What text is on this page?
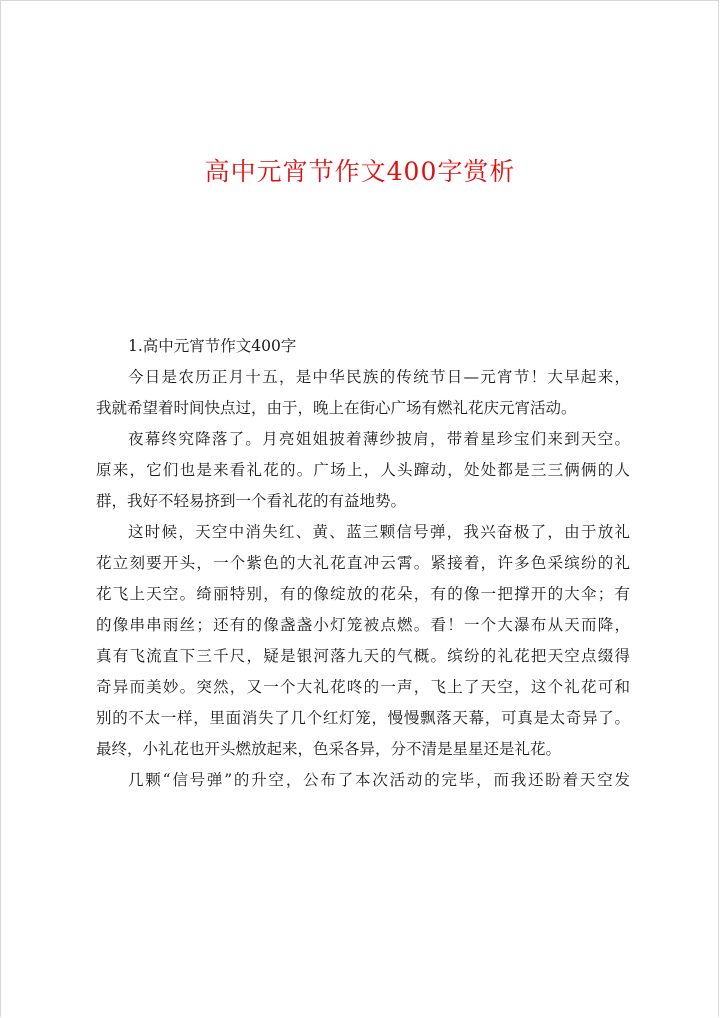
高中元宵节作文400字赏析
1.高中元宵节作文400字
今日是农历正月十五，是中华民族的传统节日—元宵节！大早起来，
我就希望着时间快点过，由于，晚上在街心广场有燃礼花庆元宵活动。
夜幕终究降落了。月亮姐姐披着薄纱披肩，带着星珍宝们来到天空。
原来，它们也是来看礼花的。广场上，人头蹿动，处处都是三三俩俩的人
群，我好不轻易挤到一个看礼花的有益地势。
这时候，天空中消失红、黄、蓝三颗信号弹，我兴奋极了，由于放礼
花立刻要开头，一个紫色的大礼花直冲云霄。紧接着，许多色采缤纷的礼
花飞上天空。绮丽特别，有的像绽放的花朵，有的像一把撑开的大伞；有
的像串串雨丝；还有的像盏盏小灯笼被点燃。看！一个大瀑布从天而降，
真有飞流直下三千尺，疑是银河落九天的气概。缤纷的礼花把天空点缀得
奇异而美妙。突然，又一个大礼花咚的一声，飞上了天空，这个礼花可和
别的不太一样，里面消失了几个红灯笼，慢慢飘落天幕，可真是太奇异了。
最终，小礼花也开头燃放起来，色采各异，分不清是星星还是礼花。
几颗“信号弹”的升空，公布了本次活动的完毕，而我还盼着天空发
